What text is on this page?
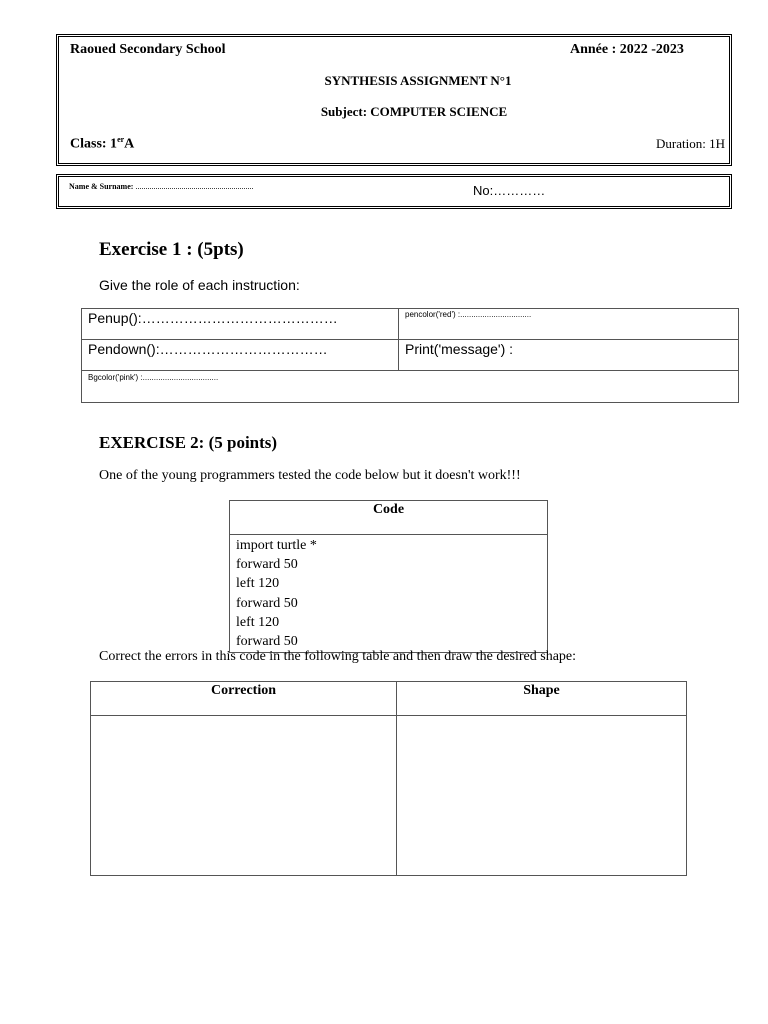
Raoued Secondary School	Année : 2022 -2023
SYNTHESIS ASSIGNMENT N°1
Subject: COMPUTER SCIENCE
Class: 1erA	Duration: 1H
Name & Surname: ...........................................................	No:…………
Exercise 1 : (5pts)
Give the role of each instruction:
Penup():……………………………………	pencolor('red') :................................
Pendown():………………………………	Print('message') :
Bgcolor('pink') :..................................	
EXERCISE 2: (5 points)
One of the young programmers tested the code below but it doesn't work!!!
Code

import turtle *
forward 50
left 120
forward 50
left 120
forward 50
Correct the errors in this code in the following table and then draw the desired shape:
Correction	Shape
